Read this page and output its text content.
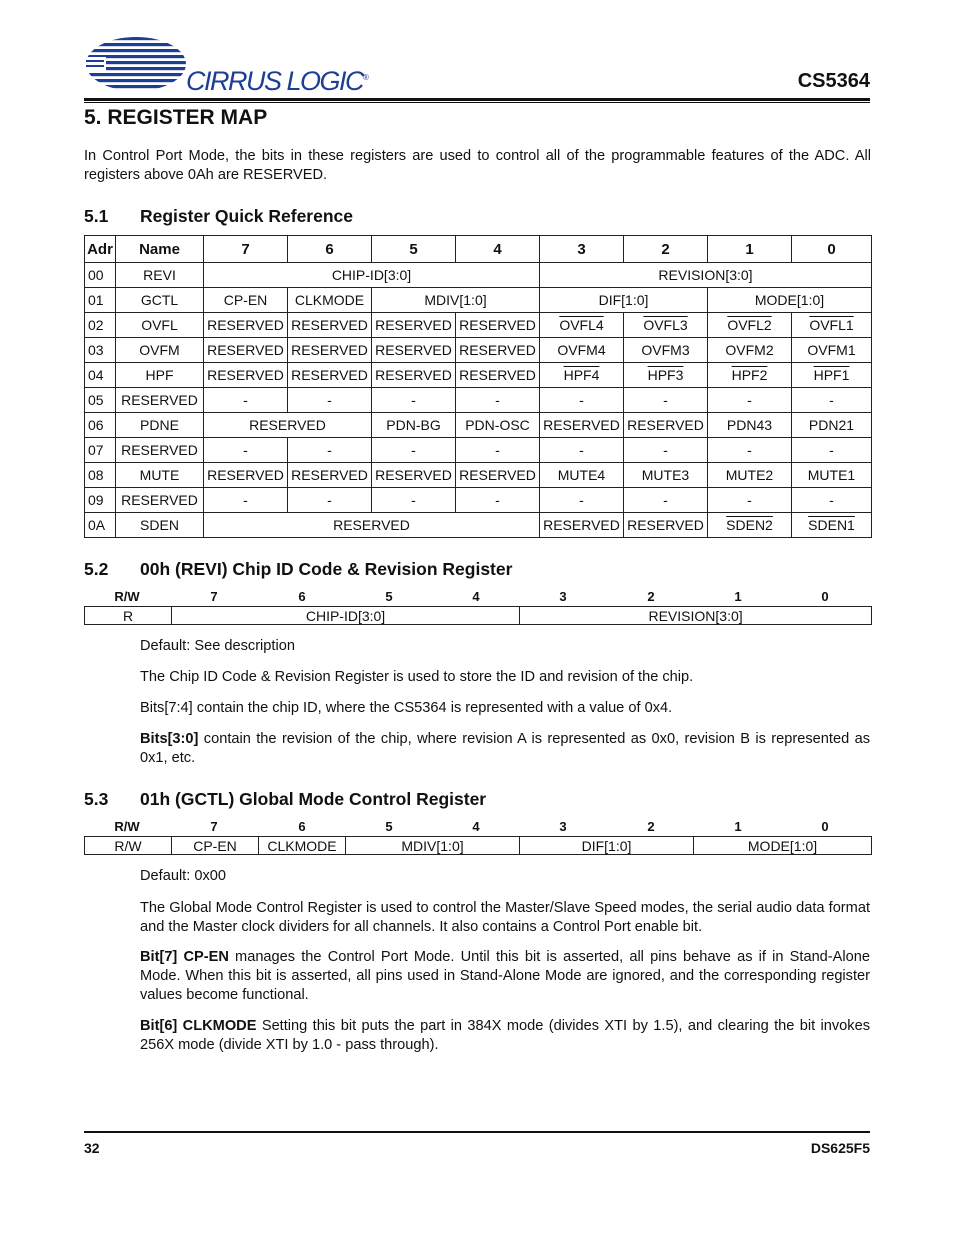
CIRRUS LOGIC®	CS5364
5. REGISTER MAP

In Control Port Mode, the bits in these registers are used to control all of the programmable features of the ADC. All registers above 0Ah are RESERVED.

5.1 Register Quick Reference
Adr	Name	7	6	5	4	3	2	1	0
00	REVI	CHIP-ID[3:0]				REVISION[3:0]			
01	GCTL	CP-EN	CLKMODE	MDIV[1:0]		DIF[1:0]		MODE[1:0]	
02	OVFL	RESERVED	RESERVED	RESERVED	RESERVED	OVFL4	OVFL3	OVFL2	OVFL1
03	OVFM	RESERVED	RESERVED	RESERVED	RESERVED	OVFM4	OVFM3	OVFM2	OVFM1
04	HPF	RESERVED	RESERVED	RESERVED	RESERVED	HPF4	HPF3	HPF2	HPF1
05	RESERVED	-	-	-	-	-	-	-	-
06	PDNE	RESERVED		PDN-BG	PDN-OSC	RESERVED	RESERVED	PDN43	PDN21
07	RESERVED	-	-	-	-	-	-	-	-
08	MUTE	RESERVED	RESERVED	RESERVED	RESERVED	MUTE4	MUTE3	MUTE2	MUTE1
09	RESERVED	-	-	-	-	-	-	-	-
0A	SDEN	RESERVED				RESERVED	RESERVED	SDEN2	SDEN1
5.2 00h (REVI) Chip ID Code & Revision Register
R/W	7	6	5	4	3	2	1	0
R	CHIP-ID[3:0]	REVISION[3:0]

Default: See description

The Chip ID Code & Revision Register is used to store the ID and revision of the chip.

Bits[7:4] contain the chip ID, where the CS5364 is represented with a value of 0x4.

Bits[3:0] contain the revision of the chip, where revision A is represented as 0x0, revision B is represented as 0x1, etc.

5.3 01h (GCTL) Global Mode Control Register
R/W	7	6	5	4	3	2	1	0
R/W	CP-EN	CLKMODE	MDIV[1:0]	DIF[1:0]	MODE[1:0]

Default: 0x00

The Global Mode Control Register is used to control the Master/Slave Speed modes, the serial audio data format and the Master clock dividers for all channels. It also contains a Control Port enable bit.

Bit[7] CP-EN manages the Control Port Mode. Until this bit is asserted, all pins behave as if in Stand-Alone Mode. When this bit is asserted, all pins used in Stand-Alone Mode are ignored, and the corresponding register values become functional.

Bit[6] CLKMODE Setting this bit puts the part in 384X mode (divides XTI by 1.5), and clearing the bit invokes 256X mode (divide XTI by 1.0 - pass through).

32	DS625F5
